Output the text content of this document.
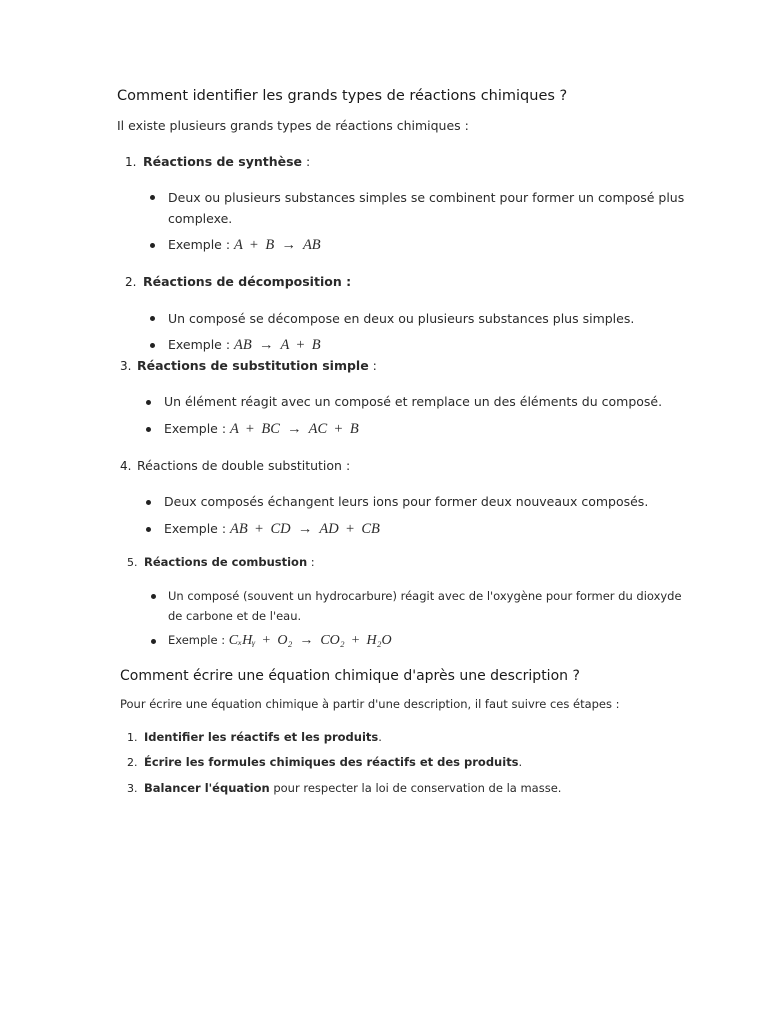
Comment identifier les grands types de réactions chimiques ?
Il existe plusieurs grands types de réactions chimiques :
1. Réactions de synthèse :
Deux ou plusieurs substances simples se combinent pour former un composé plus
complexe.
Exemple : A  +  B  →  AB
2. Réactions de décomposition :
Un composé se décompose en deux ou plusieurs substances plus simples.
Exemple : AB  →  A  +  B
3. Réactions de substitution simple :
Un élément réagit avec un composé et remplace un des éléments du composé.
Exemple : A  +  BC  →  AC  +  B
4. Réactions de double substitution :
Deux composés échangent leurs ions pour former deux nouveaux composés.
Exemple : AB  +  CD  →  AD  +  CB
5. Réactions de combustion :
Un composé (souvent un hydrocarbure) réagit avec de l'oxygène pour former du dioxyde
de carbone et de l'eau.
Exemple : CₓHᵧ  +  O₂  →  CO₂  +  H₂O
Comment écrire une équation chimique d'après une description ?
Pour écrire une équation chimique à partir d'une description, il faut suivre ces étapes :
1. Identifier les réactifs et les produits.
2. Écrire les formules chimiques des réactifs et des produits.
3. Balancer l'équation pour respecter la loi de conservation de la masse.
